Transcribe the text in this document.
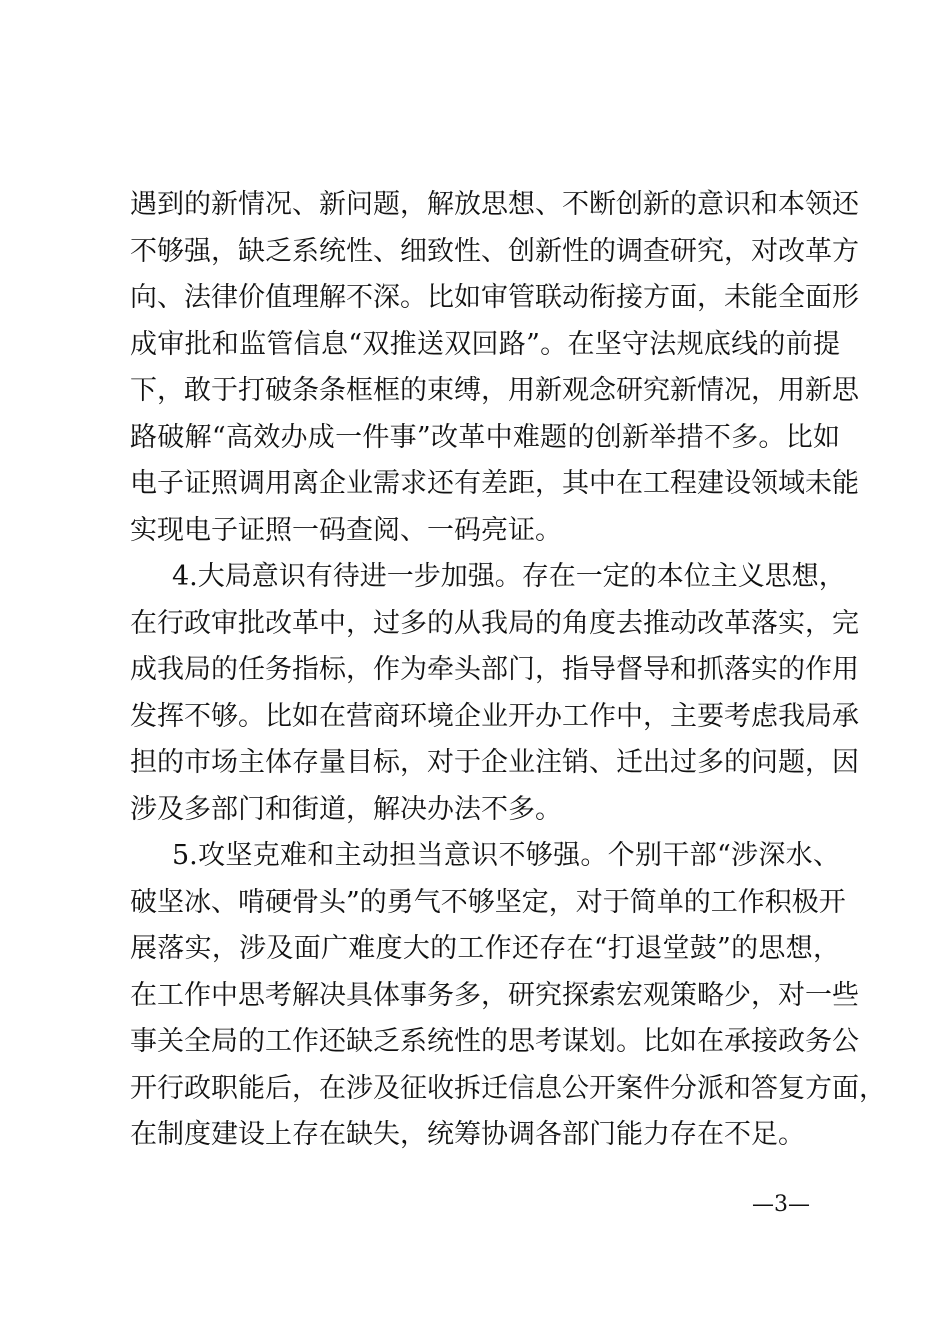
遇到的新情况、新问题，解放思想、不断创新的意识和本领还
不够强，缺乏系统性、细致性、创新性的调查研究，对改革方
向、法律价值理解不深。比如审管联动衔接方面，未能全面形
成审批和监管信息“双推送双回路”。在坚守法规底线的前提
下，敢于打破条条框框的束缚，用新观念研究新情况，用新思
路破解“高效办成一件事”改革中难题的创新举措不多。比如
电子证照调用离企业需求还有差距，其中在工程建设领域未能
实现电子证照一码查阅、一码亮证。
4.大局意识有待进一步加强。存在一定的本位主义思想，
在行政审批改革中，过多的从我局的角度去推动改革落实，完
成我局的任务指标，作为牵头部门，指导督导和抓落实的作用
发挥不够。比如在营商环境企业开办工作中，主要考虑我局承
担的市场主体存量目标，对于企业注销、迁出过多的问题，因
涉及多部门和街道，解决办法不多。
5.攻坚克难和主动担当意识不够强。个别干部“涉深水、
破坚冰、啃硬骨头”的勇气不够坚定，对于简单的工作积极开
展落实，涉及面广难度大的工作还存在“打退堂鼓”的思想，
在工作中思考解决具体事务多，研究探索宏观策略少，对一些
事关全局的工作还缺乏系统性的思考谋划。比如在承接政务公
开行政职能后，在涉及征收拆迁信息公开案件分派和答复方面，
在制度建设上存在缺失，统筹协调各部门能力存在不足。
—3—
